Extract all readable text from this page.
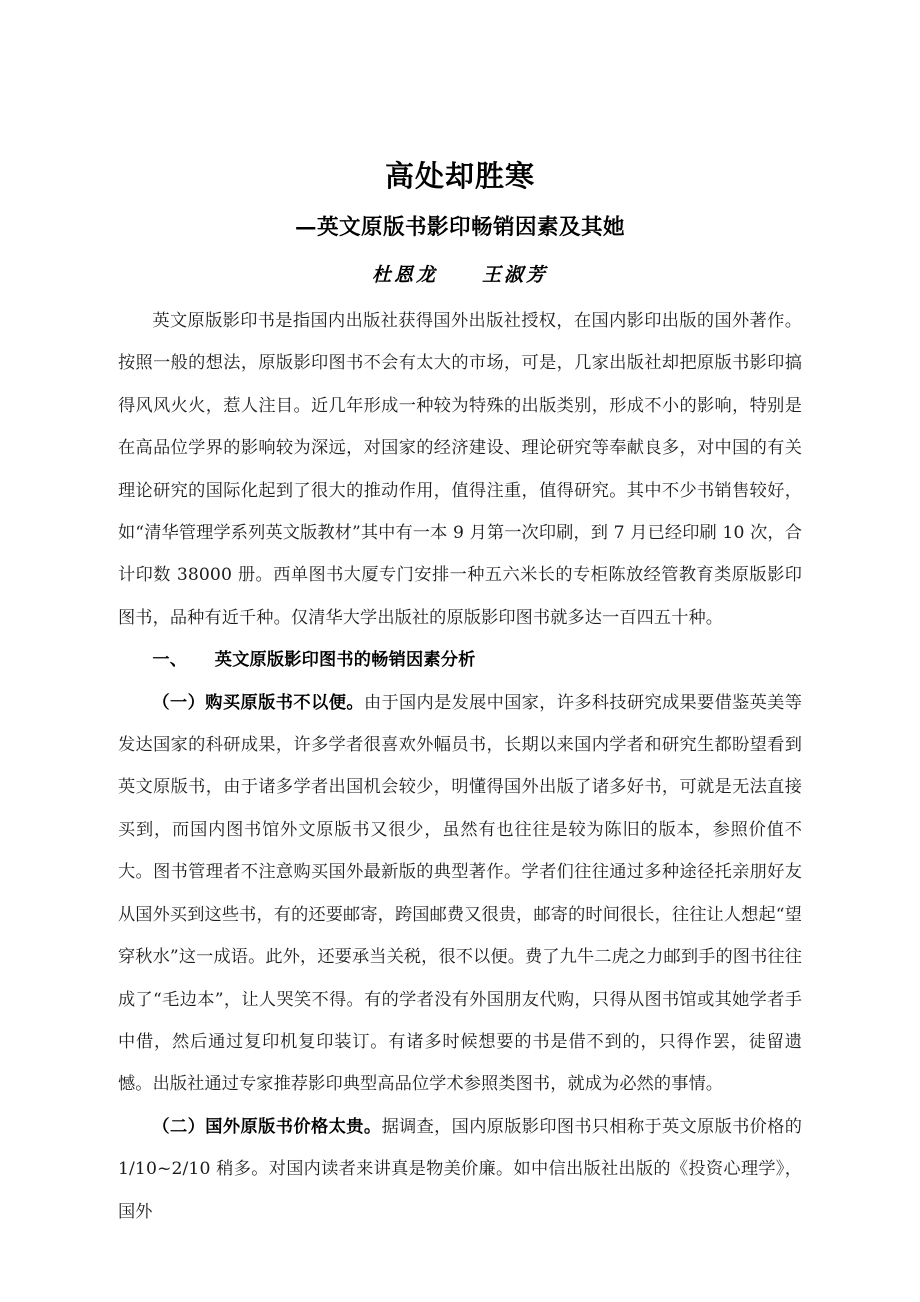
高处却胜寒
—英文原版书影印畅销因素及其她
杜恩龙　　王淑芳

英文原版影印书是指国内出版社获得国外出版社授权，在国内影印出版的国外著作。按照一般的想法，原版影印图书不会有太大的市场，可是，几家出版社却把原版书影印搞得风风火火，惹人注目。近几年形成一种较为特殊的出版类别，形成不小的影响，特别是在高品位学界的影响较为深远，对国家的经济建设、理论研究等奉献良多，对中国的有关理论研究的国际化起到了很大的推动作用，值得注重，值得研究。其中不少书销售较好，如“清华管理学系列英文版教材”其中有一本 9 月第一次印刷，到 7 月已经印刷 10 次，合计印数 38000 册。西单图书大厦专门安排一种五六米长的专柜陈放经管教育类原版影印图书，品种有近千种。仅清华大学出版社的原版影印图书就多达一百四五十种。

一、 英文原版影印图书的畅销因素分析

（一）购买原版书不以便。由于国内是发展中国家，许多科技研究成果要借鉴英美等发达国家的科研成果，许多学者很喜欢外幅员书，长期以来国内学者和研究生都盼望看到英文原版书，由于诸多学者出国机会较少，明懂得国外出版了诸多好书，可就是无法直接买到，而国内图书馆外文原版书又很少，虽然有也往往是较为陈旧的版本，参照价值不大。图书管理者不注意购买国外最新版的典型著作。学者们往往通过多种途径托亲朋好友从国外买到这些书，有的还要邮寄，跨国邮费又很贵，邮寄的时间很长，往往让人想起“望穿秋水”这一成语。此外，还要承当关税，很不以便。费了九牛二虎之力邮到手的图书往往成了“毛边本”，让人哭笑不得。有的学者没有外国朋友代购，只得从图书馆或其她学者手中借，然后通过复印机复印装订。有诸多时候想要的书是借不到的，只得作罢，徒留遗憾。出版社通过专家推荐影印典型高品位学术参照类图书，就成为必然的事情。

（二）国外原版书价格太贵。据调查，国内原版影印图书只相称于英文原版书价格的 1/10~2/10 稍多。对国内读者来讲真是物美价廉。如中信出版社出版的《投资心理学》，国外
